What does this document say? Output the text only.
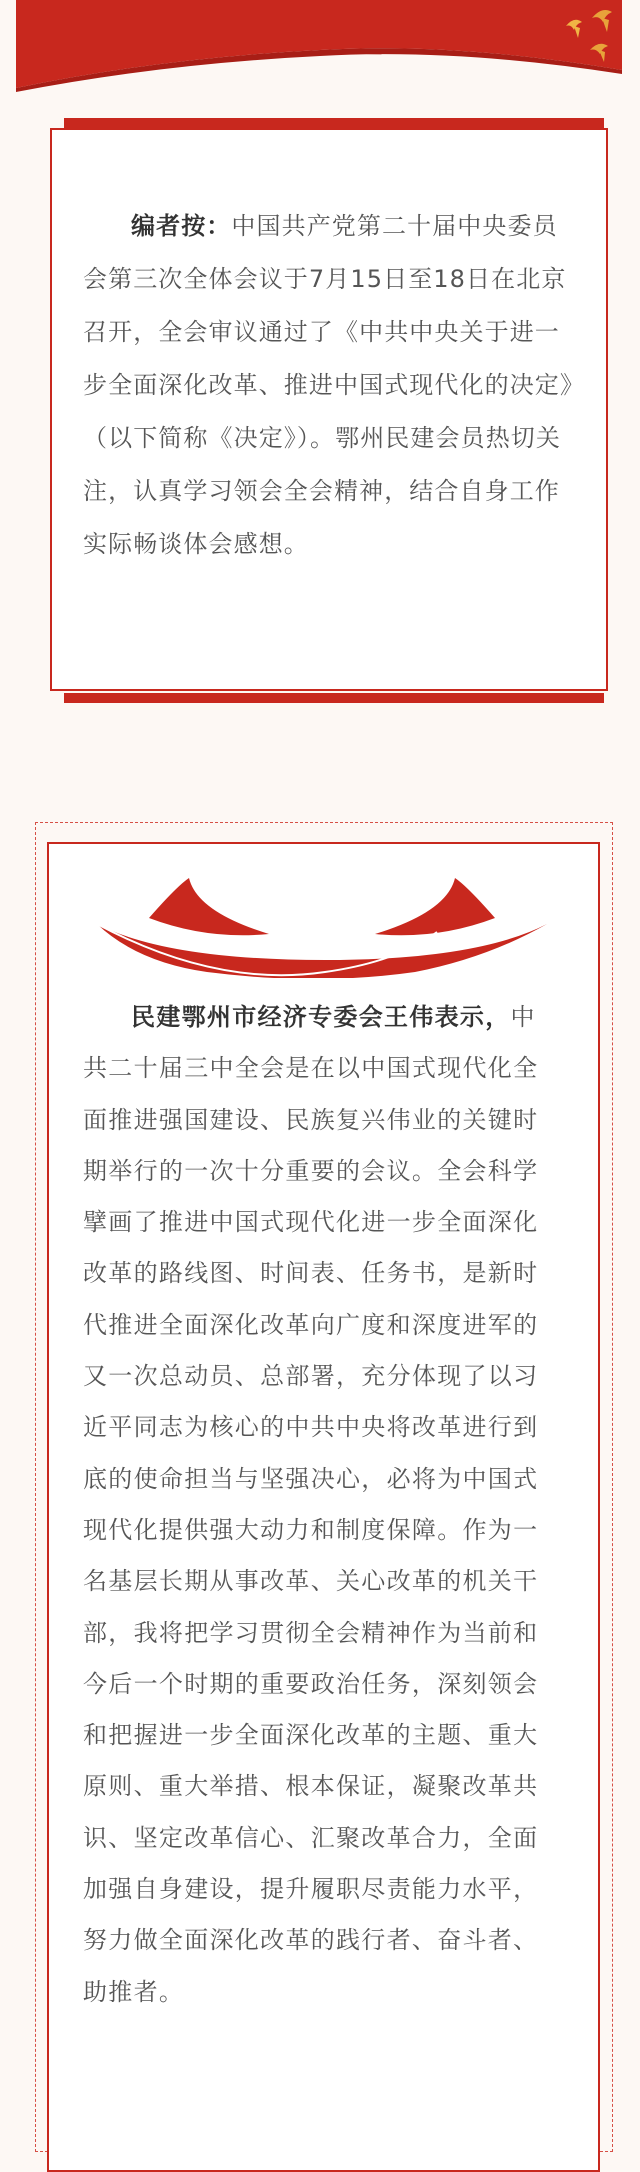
编者按：中国共产党第二十届中央委员会第三次全体会议于7月15日至18日在北京召开，全会审议通过了《中共中央关于进一步全面深化改革、推进中国式现代化的决定》（以下简称《决定》）。鄂州民建会员热切关注，认真学习领会全会精神，结合自身工作实际畅谈体会感想。

民建鄂州市经济专委会王伟表示，中共二十届三中全会是在以中国式现代化全面推进强国建设、民族复兴伟业的关键时期举行的一次十分重要的会议。全会科学擘画了推进中国式现代化进一步全面深化改革的路线图、时间表、任务书，是新时代推进全面深化改革向广度和深度进军的又一次总动员、总部署，充分体现了以习近平同志为核心的中共中央将改革进行到底的使命担当与坚强决心，必将为中国式现代化提供强大动力和制度保障。作为一名基层长期从事改革、关心改革的机关干部，我将把学习贯彻全会精神作为当前和今后一个时期的重要政治任务，深刻领会和把握进一步全面深化改革的主题、重大原则、重大举措、根本保证，凝聚改革共识、坚定改革信心、汇聚改革合力，全面加强自身建设，提升履职尽责能力水平，努力做全面深化改革的践行者、奋斗者、助推者。
